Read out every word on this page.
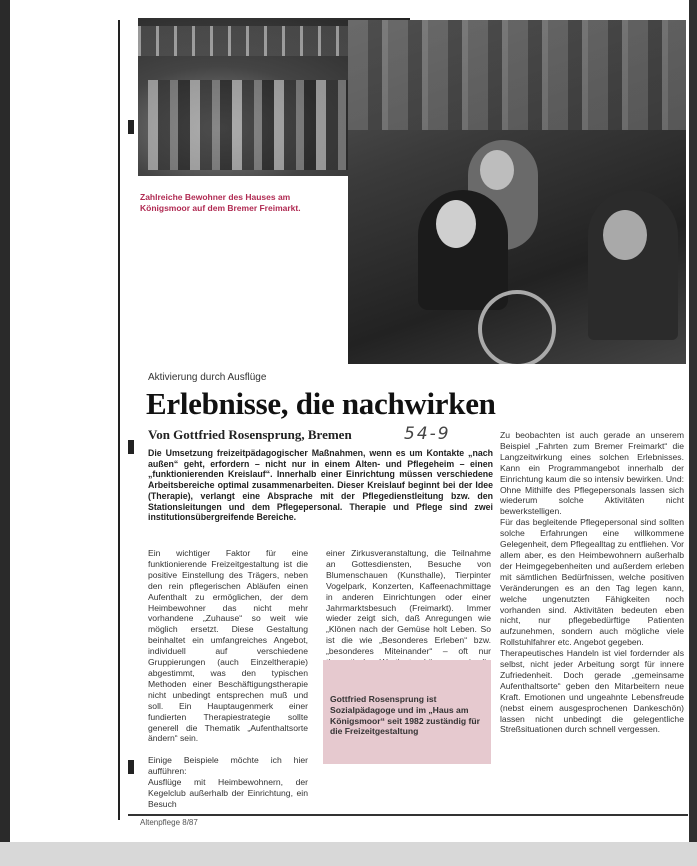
Zahlreiche Bewohner des Hauses am Königsmoor auf dem Bremer Freimarkt.
Aktivierung durch Ausflüge
Erlebnisse, die nachwirken
Von Gottfried Rosensprung, Bremen	54-9
Die Umsetzung freizeitpädagogischer Maßnahmen, wenn es um Kontakte „nach außen“ geht, erfordern – nicht nur in einem Alten- und Pflegeheim – einen „funktionierenden Kreislauf“. Innerhalb einer Einrichtung müssen verschiedene Arbeitsbereiche optimal zusammenarbeiten. Dieser Kreislauf beginnt bei der Idee (Therapie), verlangt eine Absprache mit der Pflegedienstleitung bzw. den Stationsleitungen und dem Pflegepersonal. Therapie und Pflege sind zwei institutionsübergreifende Bereiche.

Ein wichtiger Faktor für eine funktionierende Freizeitgestaltung ist die positive Einstellung des Trägers, neben den rein pflegerischen Abläufen einen Aufenthalt zu ermöglichen, der dem Heimbewohner das nicht mehr vorhandene „Zuhause“ so weit wie möglich ersetzt. Diese Gestaltung beinhaltet ein umfangreiches Angebot, individuell auf verschiedene Gruppierungen (auch Einzeltherapie) abgestimmt, was den typischen Methoden einer Beschäftigungstherapie nicht unbedingt entsprechen muß und soll. Ein Hauptaugenmerk einer fundierten Therapiestrategie sollte generell die Thematik „Aufenthaltsorte ändern“ sein.

Einige Beispiele möchte ich hier aufführen:

Ausflüge mit Heimbewohnern, der Kegelclub außerhalb der Einrichtung, ein Besuch

einer Zirkusveranstaltung, die Teilnahme an Gottesdiensten, Besuche von Blumenschauen (Kunsthalle), Tierpinter Vogelpark, Konzerten, Kaffeenachmittage in anderen Einrichtungen oder einer Jahrmarktsbesuch (Freimarkt). Immer wieder zeigt sich, daß Anregungen wie „Klönen nach der Gemüse holt Leben. So ist die wie „Besonderes Erleben“ bzw. „besonderes Miteinander“ – oft nur

Gottfried Rosensprung ist Sozialpädagoge und im „Haus am Königsmoor“ seit 1982 zuständig für die Freizeitgestaltung

Zu beobachten ist auch gerade an unserem Beispiel „Fahrten zum Bremer Freimarkt“ die Langzeitwirkung eines solchen Erlebnisses. Kann ein Programmangebot innerhalb der Einrichtung kaum die so intensiv bewirken. Und: Ohne Mithilfe des Pflegepersonals lassen sich wiederum solche Aktivitäten nicht bewerkstelligen.

Für das begleitende Pflegepersonal sind sollten solche Erfahrungen eine willkommene Gelegenheit, dem Pflegealltag zu entfliehen. Vor allem aber, es den Heimbewohnern außerhalb der Heimgegebenheiten und außerdem erleben mit sämtlichen Bedürfnissen, welche positiven Veränderungen es an den Tag legen kann, welche ungenutzten Fähigkeiten noch vorhanden sind. Aktivitäten bedeuten eben nicht, nur pflegebedürftige Patienten aufzunehmen, sondern auch mögliche viele Rollstuhlfahrer etc. Angebot gegeben.

Therapeutisches Handeln ist viel fordernder als selbst, nicht jeder Arbeitung sorgt für innere Zufriedenheit. Doch gerade „gemeinsame Aufenthaltsorte“ geben den Mitarbeitern neue Kraft. Emotionen und ungeahnte Lebensfreude (nebst einem ausgesprochenen Dankeschön) lassen nicht unbedingt die gelegentliche Streßsituationen durch schnell vergessen.

Altenpflege 8/87
